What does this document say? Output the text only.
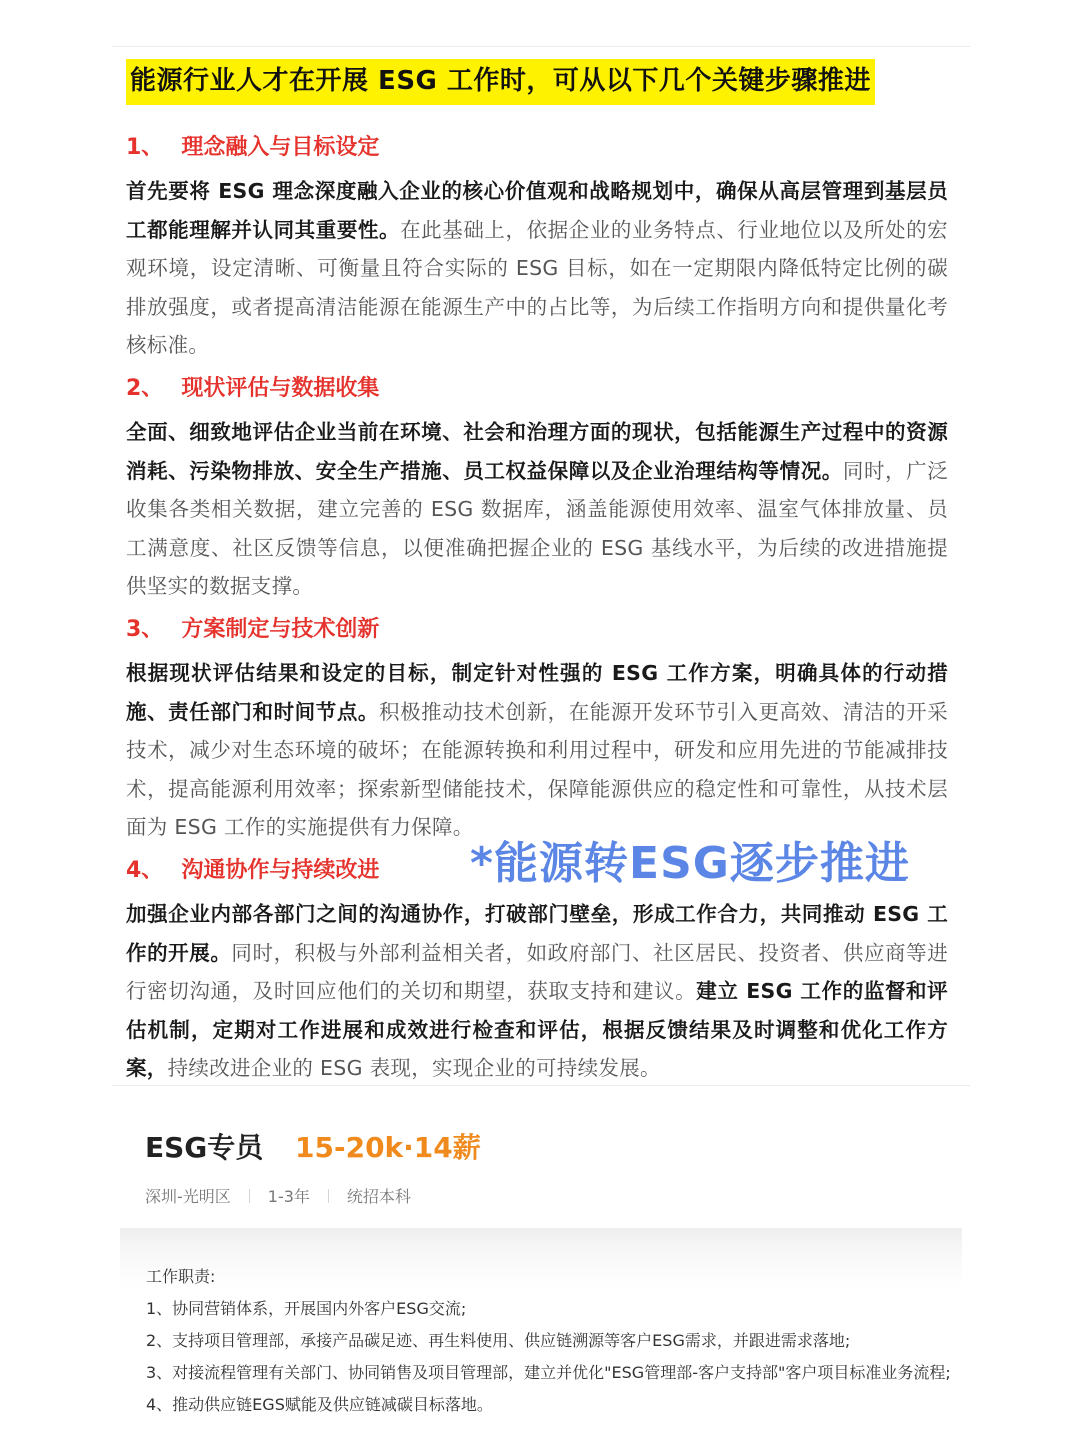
能源行业人才在开展 ESG 工作时，可从以下几个关键步骤推进
1、 理念融入与目标设定
首先要将 ESG 理念深度融入企业的核心价值观和战略规划中，确保从高层管理到基层员工都能理解并认同其重要性。在此基础上，依据企业的业务特点、行业地位以及所处的宏观环境，设定清晰、可衡量且符合实际的 ESG 目标，如在一定期限内降低特定比例的碳排放强度，或者提高清洁能源在能源生产中的占比等，为后续工作指明方向和提供量化考核标准。
2、 现状评估与数据收集
全面、细致地评估企业当前在环境、社会和治理方面的现状，包括能源生产过程中的资源消耗、污染物排放、安全生产措施、员工权益保障以及企业治理结构等情况。同时，广泛收集各类相关数据，建立完善的 ESG 数据库，涵盖能源使用效率、温室气体排放量、员工满意度、社区反馈等信息，以便准确把握企业的 ESG 基线水平，为后续的改进措施提供坚实的数据支撑。
3、 方案制定与技术创新
根据现状评估结果和设定的目标，制定针对性强的 ESG 工作方案，明确具体的行动措施、责任部门和时间节点。积极推动技术创新，在能源开发环节引入更高效、清洁的开采技术，减少对生态环境的破坏；在能源转换和利用过程中，研发和应用先进的节能减排技术，提高能源利用效率；探索新型储能技术，保障能源供应的稳定性和可靠性，从技术层面为 ESG 工作的实施提供有力保障。
4、 沟通协作与持续改进
加强企业内部各部门之间的沟通协作，打破部门壁垒，形成工作合力，共同推动 ESG 工作的开展。同时，积极与外部利益相关者，如政府部门、社区居民、投资者、供应商等进行密切沟通，及时回应他们的关切和期望，获取支持和建议。建立 ESG 工作的监督和评估机制，定期对工作进展和成效进行检查和评估，根据反馈结果及时调整和优化工作方案，持续改进企业的 ESG 表现，实现企业的可持续发展。
*能源转ESG逐步推进
ESG专员 15-20k·14薪
深圳-光明区 1-3年 统招本科
工作职责:
1、协同营销体系，开展国内外客户ESG交流;
2、支持项目管理部，承接产品碳足迹、再生料使用、供应链溯源等客户ESG需求，并跟进需求落地;
3、对接流程管理有关部门、协同销售及项目管理部，建立并优化"ESG管理部-客户支持部"客户项目标准业务流程;
4、推动供应链EGS赋能及供应链减碳目标落地。
